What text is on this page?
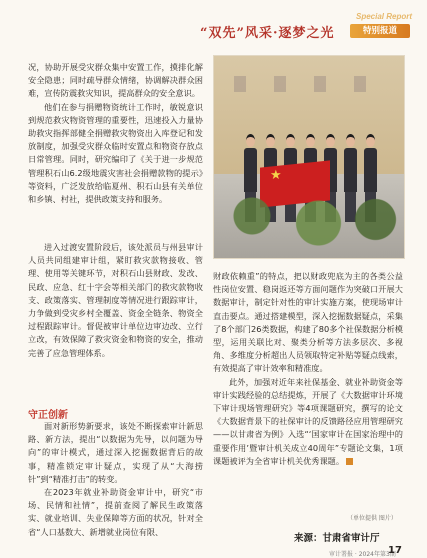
“双先”风采·逐梦之光
Special Report
特别报道

况，协助开展受灾群众集中安置工作，摸排化解安全隐患；同时疏导群众情绪，协调解决群众困难，宣传防震救灾知识，提高群众的安全意识。

他们在参与捐赠物资统计工作时，敏锐意识到规范救灾物资管理的重要性，迅速投入力量协助救灾指挥部健全捐赠救灾物资出入库登记和发放制度，加强受灾群众临时安置点和物资存放点日常管理。同时，研究编印了《关于进一步规范管理积石山6.2级地震灾害社会捐赠款物的提示》等资料，广泛发放给临夏州、积石山县有关单位和乡镇、村社，提供政策支持和服务。

进入过渡安置阶段后，该处派员与州县审计人员共同组建审计组，紧盯救灾款物接收、管理、使用等关键环节，对积石山县财政、发改、民政、应急、红十字会等相关部门的救灾款物收支、政策落实、管理制度等情况进行跟踪审计，力争做到受灾乡村全覆盖、资金全链条、物资全过程跟踪审计。督促被审计单位边审边改、立行立改，有效保障了救灾资金和物资的安全，推动完善了应急管理体系。

守正创新

面对新形势新要求，该处不断探索审计新思路、新方法，提出“以数据为先导，以问题为导向”的审计模式，通过深入挖掘数据背后的故事，精准锁定审计疑点，实现了从“大海捞针”到“精准打击”的转变。

在2023年就业补助资金审计中，研究“市场、民情和社情”，提前查阅了解民生政策落实、就业培训、失业保障等方面的状况，针对全省“人口基数大、新增就业岗位有限、

★

财政依赖重”的特点，把以财政兜底为主的各类公益性岗位安置、稳岗返还等方面问题作为突破口开展大数据审计，制定针对性的审计实施方案，使现场审计直击要点。通过搭建模型，深入挖掘数据疑点，采集了8个部门26类数据，构建了80多个社保数据分析模型，运用关联比对、聚类分析等方法多层次、多视角、多维度分析超出人员领取特定补贴等疑点线索，有效提高了审计效率和精准度。

此外，加强对近年来社保基金、就业补助资金等审计实践经验的总结提炼，开展了《大数据审计环境下审计现场管理研究》等4项课题研究，撰写的论文《大数据背景下的社保审计的反馈路径应用管理研究——以甘肃省为例》入选“‘国家审计在国家治理中的重要作用’暨审计机关成立40周年”专题论文集，1项课题被评为全省审计机关优秀课题。

（单位提供 图片）
来源：甘肃省审计厅
审计署报 · 2024年第3期
17
